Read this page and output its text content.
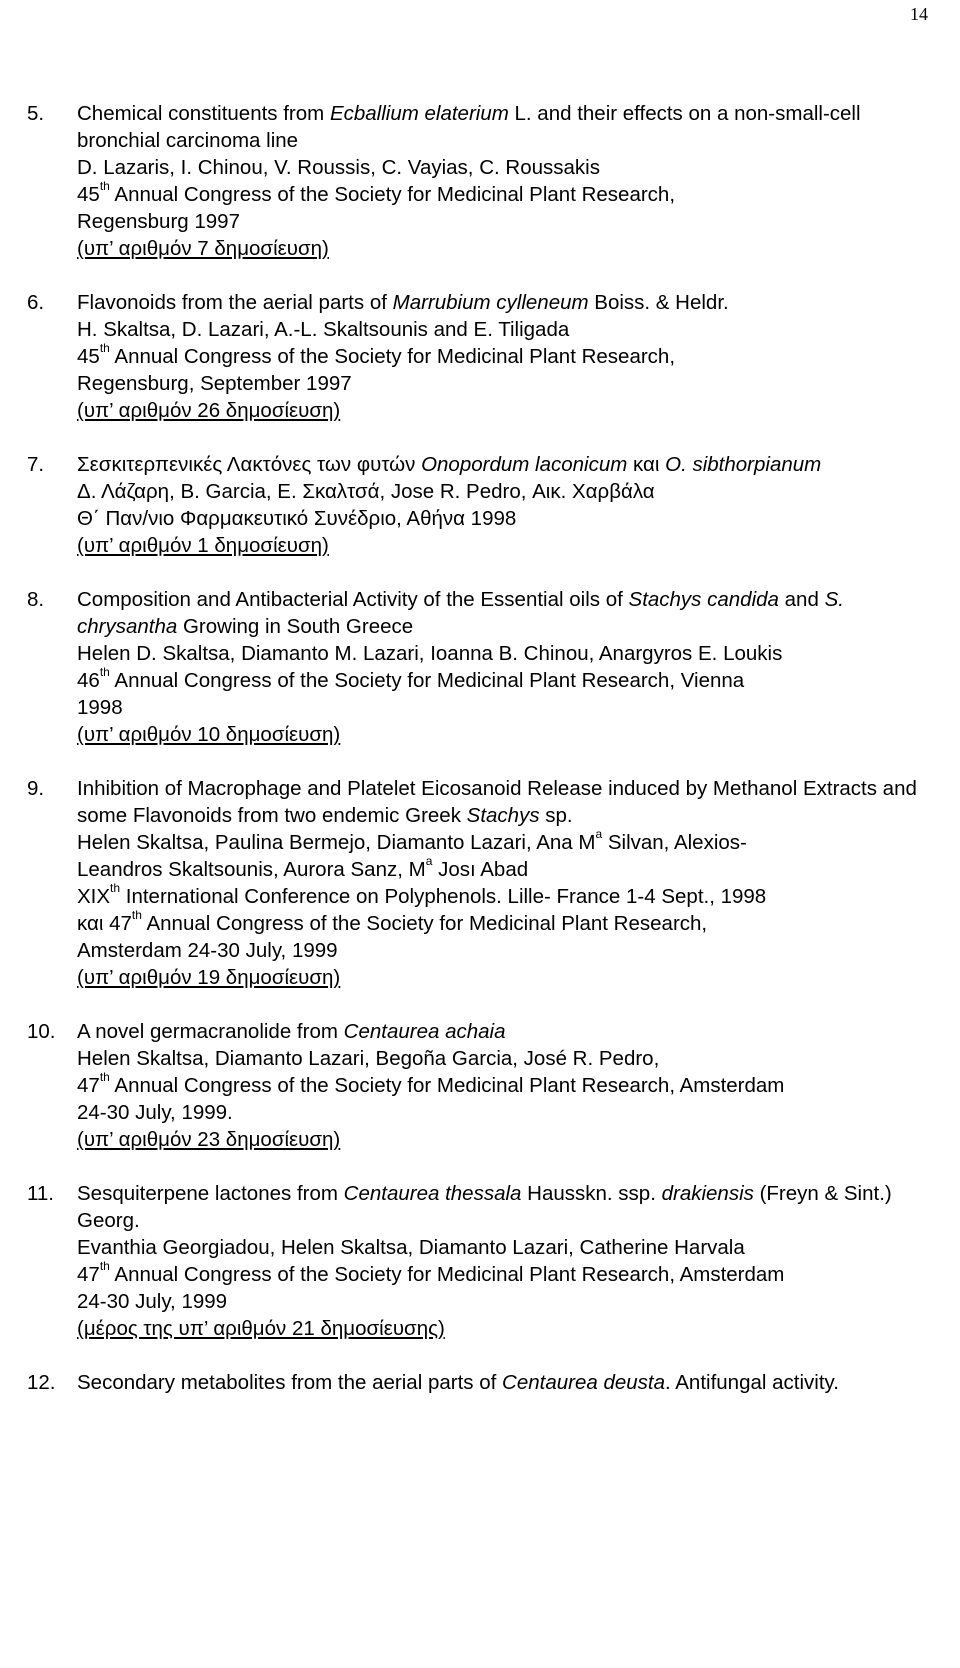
14
5.	Chemical constituents from Ecballium elaterium L. and their effects on a non-small-cell bronchial carcinoma line
D. Lazaris, I. Chinou, V. Roussis, C. Vayias, C. Roussakis
45th Annual Congress of the Society for Medicinal Plant Research,
Regensburg 1997
(υπ’ αριθμόν 7 δημοσίευση)
6.	Flavonoids from the aerial parts of Marrubium cylleneum Boiss. & Heldr.
H. Skaltsa, D. Lazari, A.-L. Skaltsounis and E. Tiligada
45th Annual Congress of the Society for Medicinal Plant Research,
Regensburg, September 1997
(υπ’ αριθμόν 26 δημοσίευση)
7.	Σεσκιτερπενικές Λακτόνες των φυτών Onopordum laconicum και O. sibthorpianum
Δ. Λάζαρη, Β. Garcia, E. Σκαλτσά, Jose R. Pedro, Αικ. Χαρβάλα
Θ΄ Παν/νιο Φαρμακευτικό Συνέδριο, Αθήνα 1998
(υπ’ αριθμόν 1 δημοσίευση)
8.	Composition and Antibacterial Activity of the Essential oils of Stachys candida and S. chrysantha Growing in South Greece
Helen D. Skaltsa, Diamanto M. Lazari, Ioanna B. Chinou, Anargyros E. Loukis
46th Annual Congress of the Society for Medicinal Plant Research, Vienna
1998
(υπ’ αριθμόν 10 δημοσίευση)
9.	Inhibition of Macrophage and Platelet Eicosanoid Release induced by Methanol Extracts and some Flavonoids from two endemic Greek Stachys sp.
Helen Skaltsa, Paulina Bermejo, Diamanto Lazari, Ana $M^a$ Silvan, Alexios-
Leandros Skaltsounis, Aurora Sanz, $M^a$ Josı Abad
XIXth International Conference on Polyphenols. Lille- France 1-4 Sept., 1998
και 47th Annual Congress of the Society for Medicinal Plant Research,
Amsterdam 24-30 July, 1999
(υπ’ αριθμόν 19 δημοσίευση)
10.	A novel germacranolide from Centaurea achaia
Helen Skaltsa, Diamanto Lazari, Begoña Garcia, José R. Pedro,
47th Annual Congress of the Society for Medicinal Plant Research, Amsterdam
24-30 July, 1999.
(υπ’ αριθμόν 23 δημοσίευση)
11.	Sesquiterpene lactones from Centaurea thessala Hausskn. ssp. drakiensis (Freyn & Sint.) Georg.
Evanthia Georgiadou, Helen Skaltsa, Diamanto Lazari, Catherine Harvala
47th Annual Congress of the Society for Medicinal Plant Research, Amsterdam
24-30 July, 1999
(μέρος της υπ’ αριθμόν 21 δημοσίευσης)
12.	Secondary metabolites from the aerial parts of Centaurea deusta. Antifungal activity.
